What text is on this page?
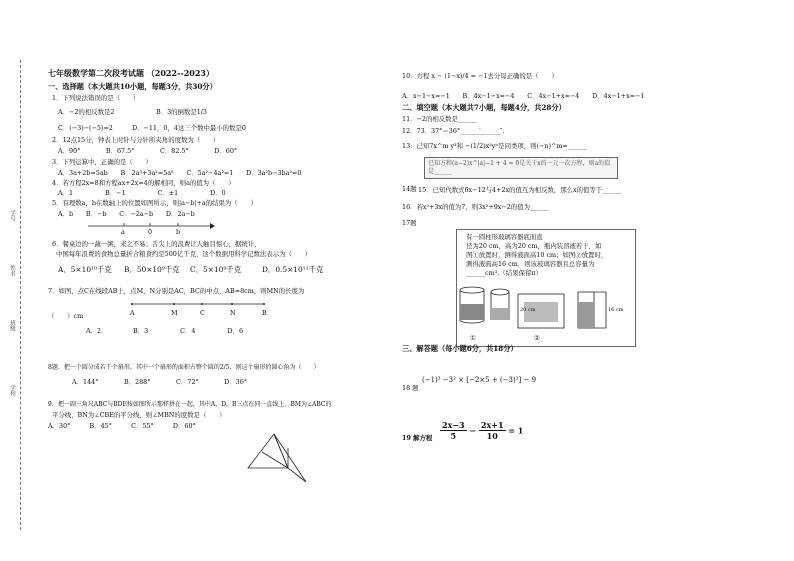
学号
姓名
班级
学校
七年级数学第二次段考试题 （2022--2023）
一、选择题（本大题共10小题，每题3分，共30分）
1．下列说法错误的是（　　）
A．−2的相反数是2	B．3的倒数是1/3
C．(−3)−(−5)=2	D．−11，0，4这三个数中最小的数是0
2．12点15分，钟表上时针与分针所夹角的度数为（　　）
A．90°　　　　B．67.5°　　　　C．82.5°　　　　D．60°
3．下列运算中，正确的是（　　）
A．3a+2b=5ab　　B．2a³+3a²=5a⁵　　C．5a²−4a²=1　　D．3a²b−3ba²=0
4．若方程2x=8和方程ax+2x=4的解相同，则a的值为（　　）
A．1　　　　　B．−1　　　　　C．±1　　　　　D．0
5．有理数a，b在数轴上的位置如图所示，则|a−b|+a的结果为（　　）
A．b　　B．−b　　C．−2a−b　　D．2a−b
a	0	b
6．餐桌边的一蔬一粥，来之不易；舌尖上的浪费让人触目惊心，据统计，
中国每年浪费的食物总量折合粮食约是500亿千克，这个数据用科学记数法表示为（　　）
A．5×10¹⁰千克 B．50×10⁹千克 C．5×10⁹千克	D．0.5×10¹¹千克
7．如图，点C在线段AB上，点M，N分别是AC，BC的中点，AB=8cm，则MN的长度为
（　　）cm	A	M	C	N	B
A．2　　　　　B．3　　　　　C．4　　　　　D．6
8题．把一个圆分成若干个扇形，其中一个扇形的面积占整个圆的2/5，则这个扇形的圆心角为（　　）
A．144°　　　　B．288°　　　　C．72°　　　　D．36°
9．把一副三角尺ABC与BDE按如图所示那样拼在一起，其中A，D，B三点在同一直线上，BM为∠ABC的
平分线，BN为∠CBE的平分线，则∠MBN的度数是（　　）
A．30°　　　B．45°　　　C．55°　　　D．60°
10．方程 x − (1−x)/4 = −1去分母正确的是（　　）
A．x−1−x=−1　　B．4x−1−x=−4　　C．4x−1+x=−4　　D．4x−1+x=−1
二、填空题（本大题共7小题，每题4分，共28分）
11．−2的相反数是______
12．73．37°＝36°______′______″.
13．已知7x^m y³和 −(1/2)x²yⁿ是同类项，则(−n)^m=______
已知方程(a−2)x^|a|−1 + 4 = 0是关于x的一元一次方程，则a的值是______
14题 15．已知代数式6x−12与4+2x的值互为相反数，那么x的值等于______
16．若x²+3x的值为7，则3x²+9x−2的值为______
17题
有一圆柱形玻璃容器底面直
径为20 cm，高为20 cm，瓶内装溶液若干，如
图①放置时，测得液面高10 cm；如图②放置时，
测得液面高16 cm，则该玻璃容器且总容量为
______cm³.（结果保留π）
①	②
20 cm	16 cm
三、解答题（每小题6分，共18分）
18 题
(−1)³ −3² × [−2×5 + (−3)²] − 9
19 解方程 $\frac{2x-3}{5} - \frac{2x+1}{10} = 1$
